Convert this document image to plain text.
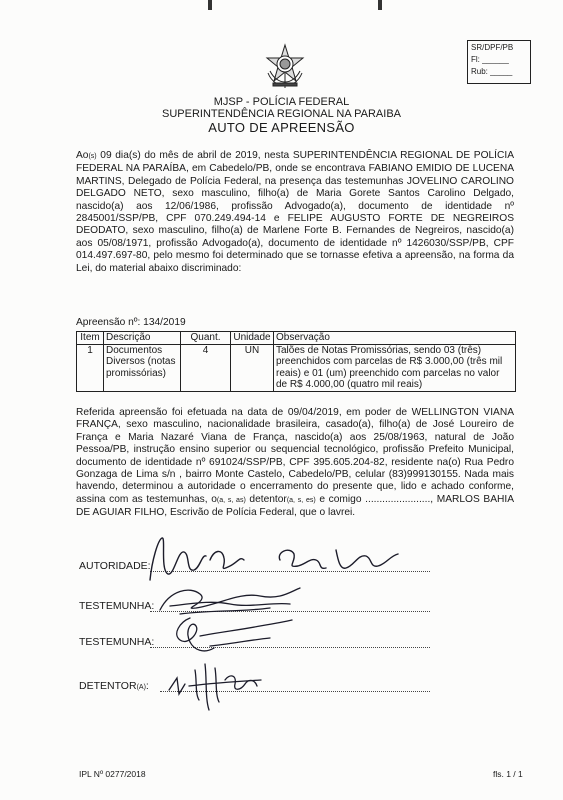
SR/DPF/PB
Fl: ______
Rub: _____
MJSP - POLÍCIA FEDERAL
SUPERINTENDÊNCIA REGIONAL NA PARAIBA
AUTO DE APREENSÃO
Ao(s) 09 dia(s) do mês de abril de 2019, nesta SUPERINTENDÊNCIA REGIONAL DE POLÍCIA FEDERAL NA PARAÍBA, em Cabedelo/PB, onde se encontrava FABIANO EMIDIO DE LUCENA MARTINS, Delegado de Polícia Federal, na presença das testemunhas JOVELINO CAROLINO DELGADO NETO, sexo masculino, filho(a) de Maria Gorete Santos Carolino Delgado, nascido(a) aos 12/06/1986, profissão Advogado(a), documento de identidade nº 2845001/SSP/PB, CPF 070.249.494-14 e FELIPE AUGUSTO FORTE DE NEGREIROS DEODATO, sexo masculino, filho(a) de Marlene Forte B. Fernandes de Negreiros, nascido(a) aos 05/08/1971, profissão Advogado(a), documento de identidade nº 1426030/SSP/PB, CPF 014.497.697-80, pelo mesmo foi determinado que se tornasse efetiva a apreensão, na forma da Lei, do material abaixo discriminado:
Apreensão nº: 134/2019
Item	Descrição	Quant.	Unidade	Observação
1	Documentos Diversos (notas promissórias)	4	UN	Talões de Notas Promissórias, sendo 03 (três) preenchidos com parcelas de R$ 3.000,00 (três mil reais) e 01 (um) preenchido com parcelas no valor de R$ 4.000,00 (quatro mil reais)
Referida apreensão foi efetuada na data de 09/04/2019, em poder de WELLINGTON VIANA FRANÇA, sexo masculino, nacionalidade brasileira, casado(a), filho(a) de José Loureiro de França e Maria Nazaré Viana de França, nascido(a) aos 25/08/1963, natural de João Pessoa/PB, instrução ensino superior ou sequencial tecnológico, profissão Prefeito Municipal, documento de identidade nº 691024/SSP/PB, CPF 395.605.204-82, residente na(o) Rua Pedro Gonzaga de Lima s/n , bairro Monte Castelo, Cabedelo/PB, celular (83)999130155. Nada mais havendo, determinou a autoridade o encerramento do presente que, lido e achado conforme, assina com as testemunhas, o(a, s, as) detentor(a, s, es) e comigo ......................., MARLOS BAHIA DE AGUIAR FILHO, Escrivão de Polícia Federal, que o lavrei.
AUTORIDADE:
TESTEMUNHA:
TESTEMUNHA:
DETENTOR(A):
IPL Nº 0277/2018	fls. 1 / 1
